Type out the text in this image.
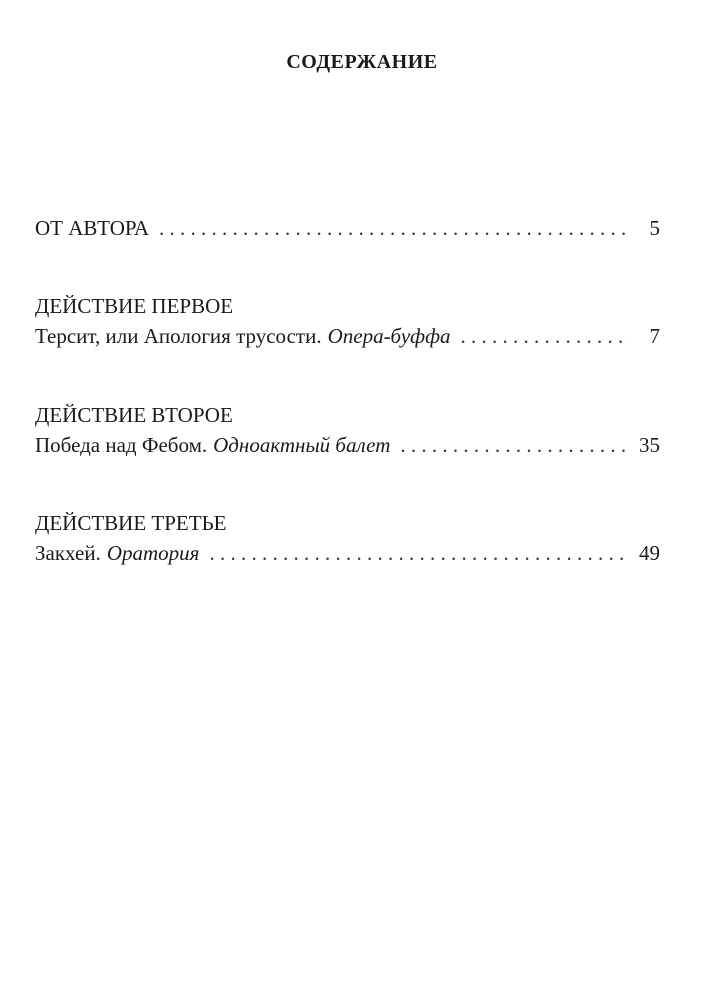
СОДЕРЖАНИЕ
ОТ АВТОРА . . .	5
ДЕЙСТВИЕ ПЕРВОЕ
Терсит, или Апология трусости. Опера-буффа . . .	7
ДЕЙСТВИЕ ВТОРОЕ
Победа над Фебом. Одноактный балет . . .	35
ДЕЙСТВИЕ ТРЕТЬЕ
Закхей. Оратория . . .	49
